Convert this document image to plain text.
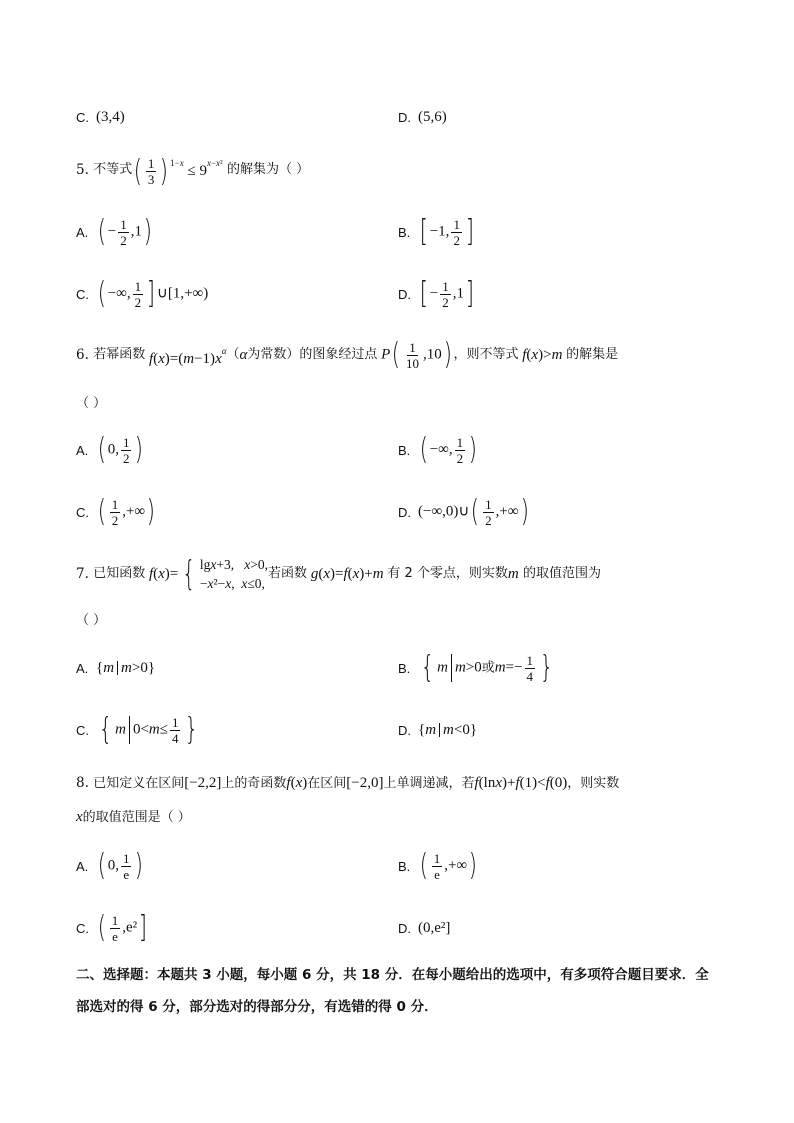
C. (3,4)	D. (5,6)
5.
不等式 ( $\frac{1}{3}$ ) $^{1-x} \le 9^{x-x^2}$
的解集为（ ）
A. ( − $\frac{1}{2} ,1$)	B. [ −1, $\frac{1}{2}$ ]
C. ( −∞, $\frac{1}{2}$ ] ∪[1,+∞)	D. [ − $\frac{1}{2} ,1$]
6.
若幂函数 $f(x)=(m-1)x^\alpha$ （ α 为常数）的图象经过点 $P( \frac{1}{10} ,10)$ ，则不等式 f(x)>m 的解集是
（ ）
A. ( 0, $\frac{1}{2}$ )	B. ( −∞, $\frac{1}{2}$ )
C. ( $\frac{1}{2}$ ,+∞)	D. (−∞,0)∪( $\frac{1}{2}$ ,+∞)
7.
已知函数 f(x)= { lgx+3,   x>0,
−x²−x,  x≤0,
若函数 g(x)=f(x)+m 有 2 个零点，则实数 m
的取值范围为
（ ）
A. {m m>0}	B. { m m>0或$m=- \frac{1}{4}$ }
C. { m $0<m\le \frac{1}{4}$ }	D. {m m<0}
8. 已知定义在区间[−2,2]上的奇函数f(x)在区间[−2,0]上单调递减，若f(lnx)+f(1)<f(0)，则实数
x的取值范围是（ ）
A. ( 0, $\frac{1}{e}$ )	B. ( $\frac{1}{e}$ ,+∞)
C. ( $\frac{1}{e} ,e^2$]	D. (0,e²]
二、选择题：本题共 3 小题，每小题 6 分，共 18 分．在每小题给出的选项中，有多项符合题目要求．全
部选对的得 6 分，部分选对的得部分分，有选错的得 0 分．
